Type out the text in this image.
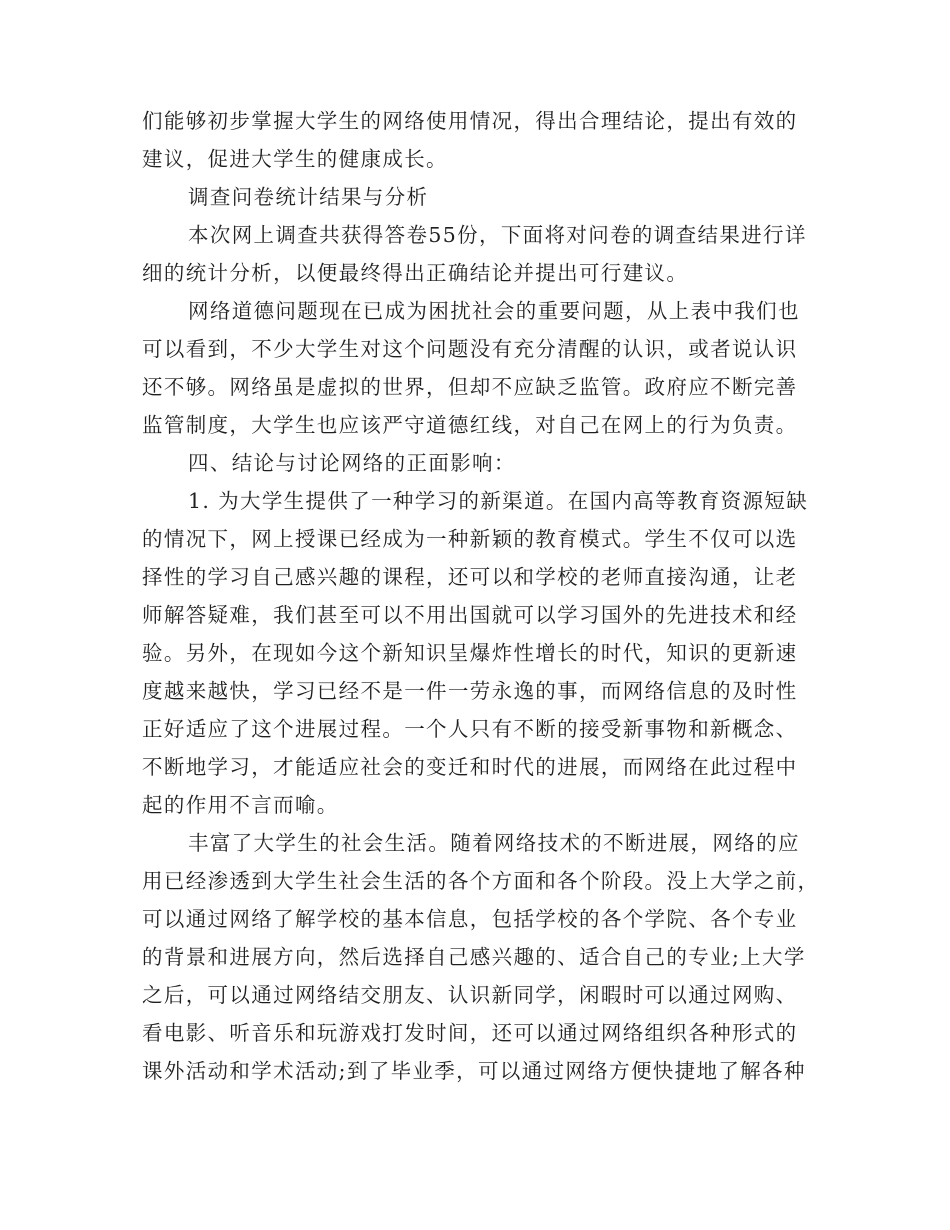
们能够初步掌握大学生的网络使用情况，得出合理结论，提出有效的
建议，促进大学生的健康成长。
调查问卷统计结果与分析
本次网上调查共获得答卷55份，下面将对问卷的调查结果进行详
细的统计分析，以便最终得出正确结论并提出可行建议。
网络道德问题现在已成为困扰社会的重要问题，从上表中我们也
可以看到，不少大学生对这个问题没有充分清醒的认识，或者说认识
还不够。网络虽是虚拟的世界，但却不应缺乏监管。政府应不断完善
监管制度，大学生也应该严守道德红线，对自己在网上的行为负责。
四、结论与讨论网络的正面影响：
1. 为大学生提供了一种学习的新渠道。在国内高等教育资源短缺
的情况下，网上授课已经成为一种新颖的教育模式。学生不仅可以选
择性的学习自己感兴趣的课程，还可以和学校的老师直接沟通，让老
师解答疑难，我们甚至可以不用出国就可以学习国外的先进技术和经
验。另外，在现如今这个新知识呈爆炸性增长的时代，知识的更新速
度越来越快，学习已经不是一件一劳永逸的事，而网络信息的及时性
正好适应了这个进展过程。一个人只有不断的接受新事物和新概念、
不断地学习，才能适应社会的变迁和时代的进展，而网络在此过程中
起的作用不言而喻。
丰富了大学生的社会生活。随着网络技术的不断进展，网络的应
用已经渗透到大学生社会生活的各个方面和各个阶段。没上大学之前，
可以通过网络了解学校的基本信息，包括学校的各个学院、各个专业
的背景和进展方向，然后选择自己感兴趣的、适合自己的专业;上大学
之后，可以通过网络结交朋友、认识新同学，闲暇时可以通过网购、
看电影、听音乐和玩游戏打发时间，还可以通过网络组织各种形式的
课外活动和学术活动;到了毕业季，可以通过网络方便快捷地了解各种
